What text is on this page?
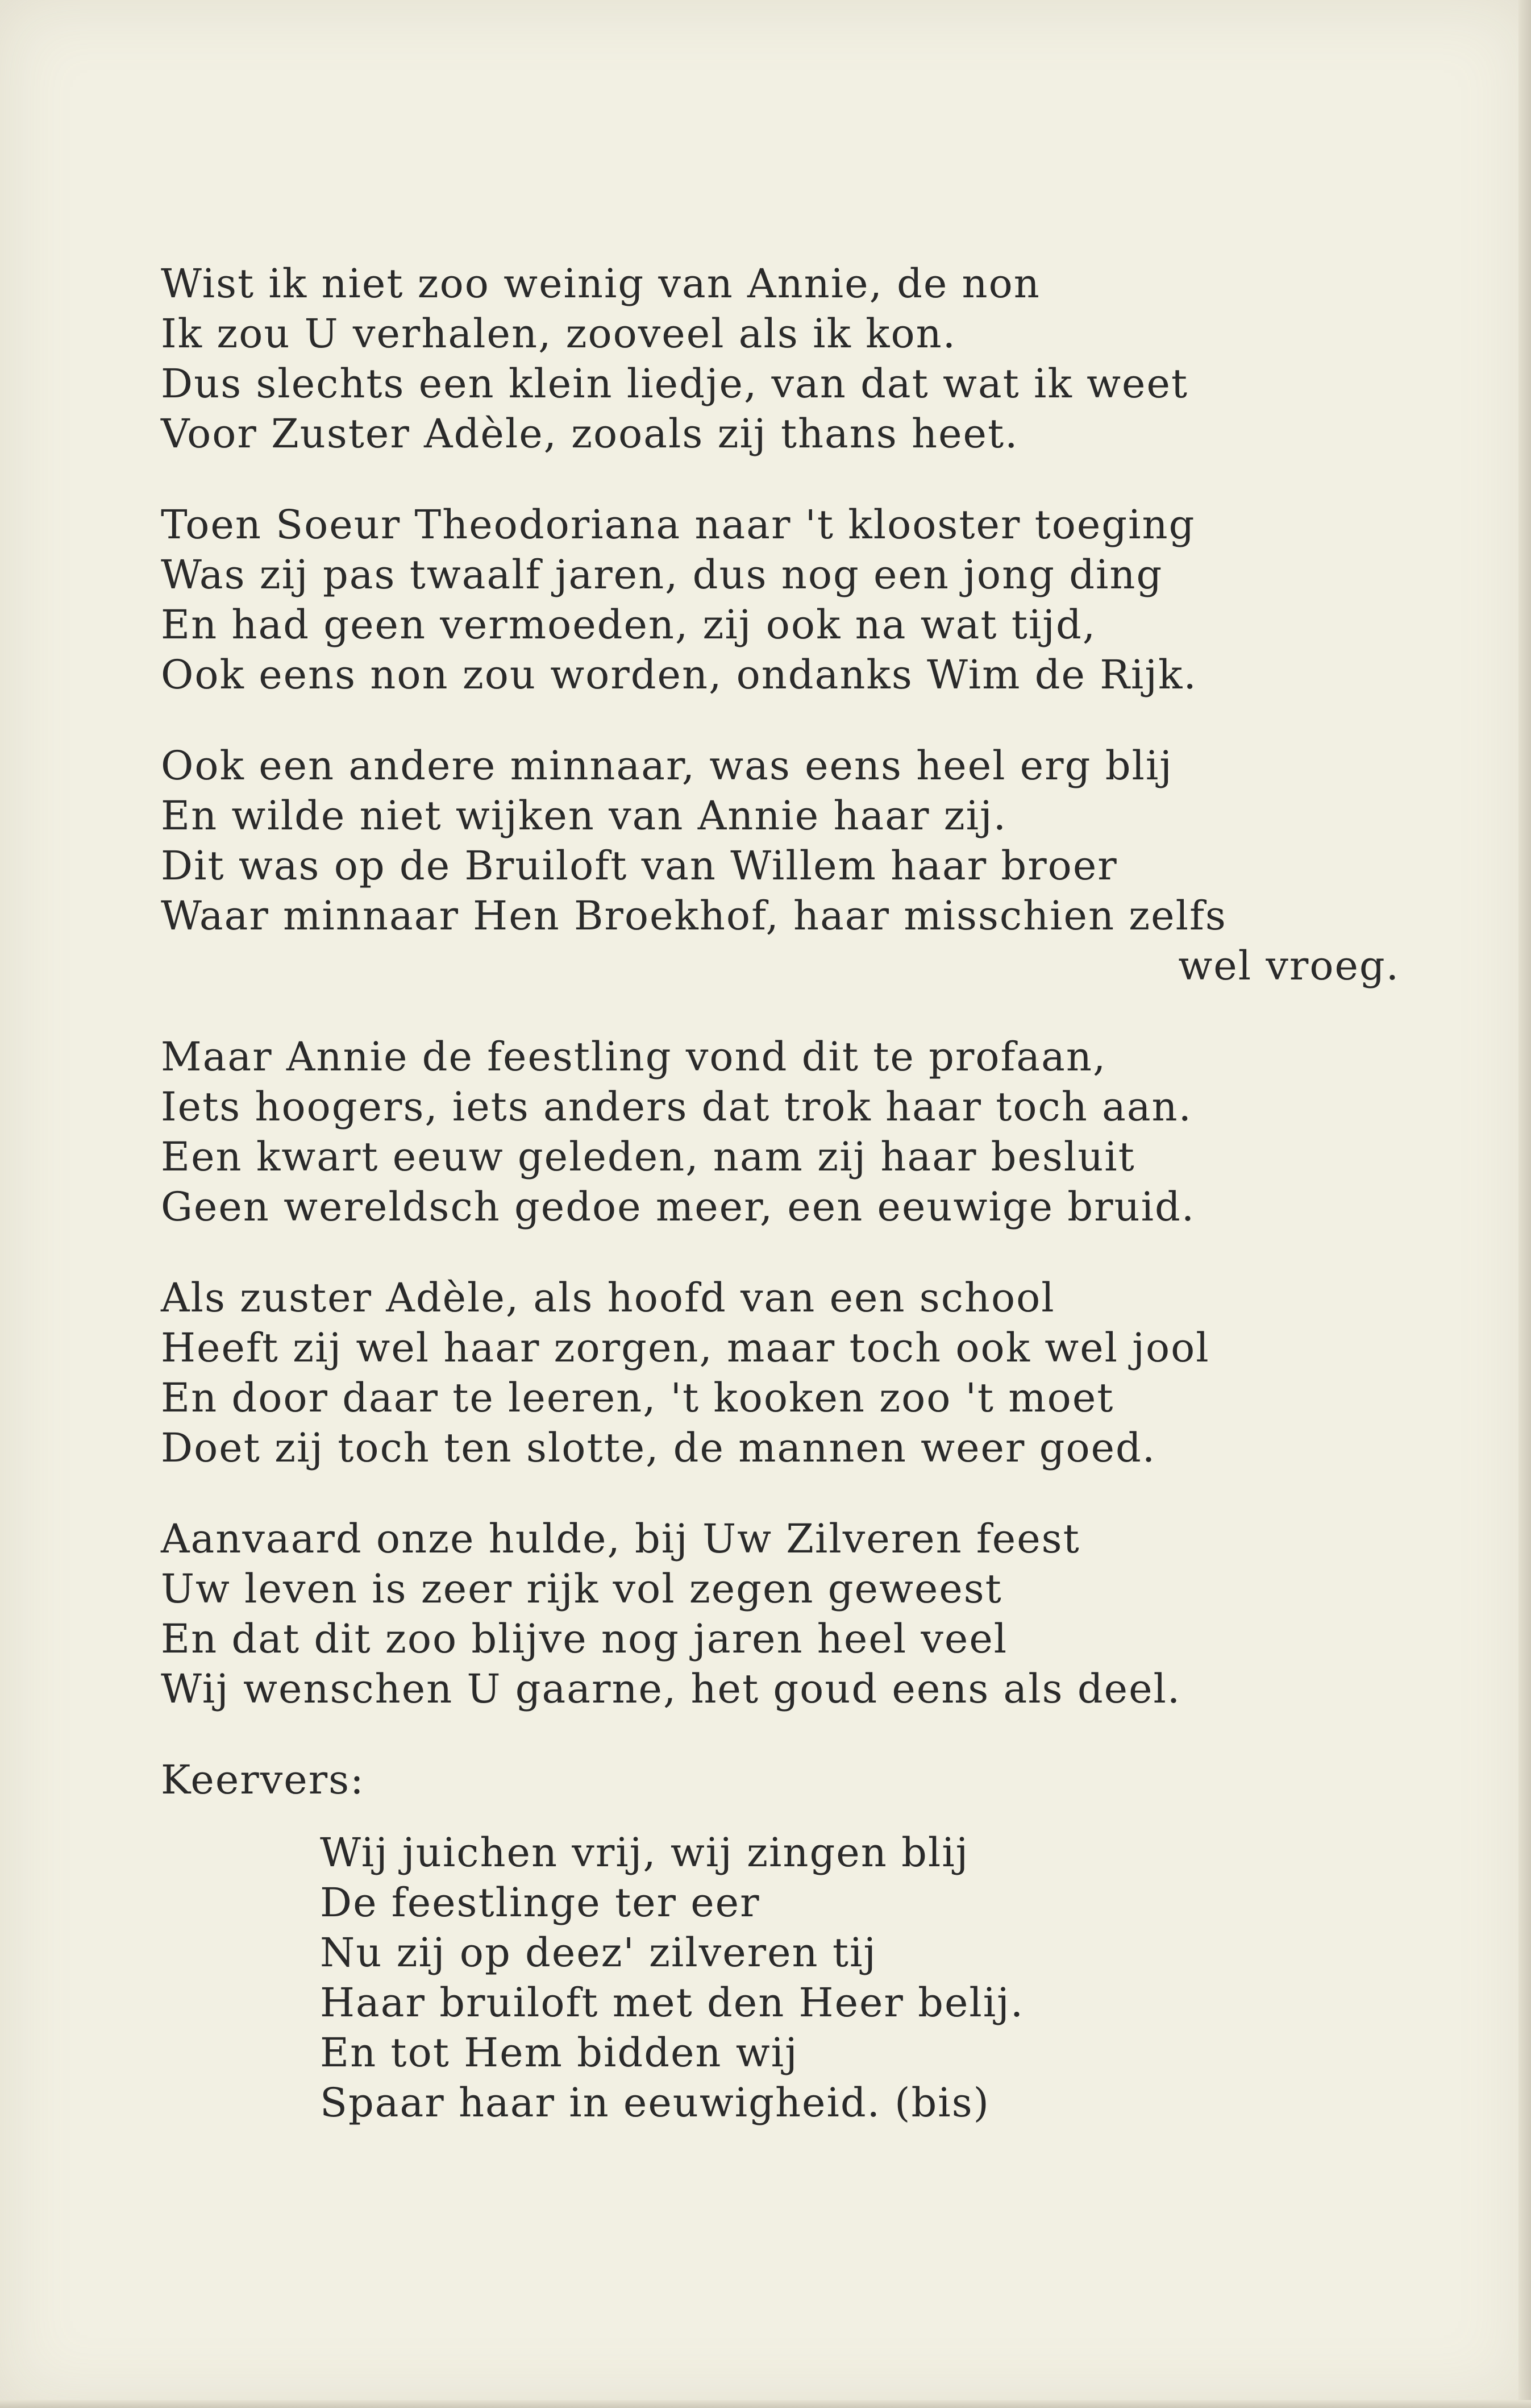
Wist ik niet zoo weinig van Annie, de non
Ik zou U verhalen, zooveel als ik kon.
Dus slechts een klein liedje, van dat wat ik weet
Voor Zuster Adèle, zooals zij thans heet.
Toen Soeur Theodoriana naar 't klooster toeging
Was zij pas twaalf jaren, dus nog een jong ding
En had geen vermoeden, zij ook na wat tijd,
Ook eens non zou worden, ondanks Wim de Rijk.
Ook een andere minnaar, was eens heel erg blij
En wilde niet wijken van Annie haar zij.
Dit was op de Bruiloft van Willem haar broer
Waar minnaar Hen Broekhof, haar misschien zelfs
wel vroeg.
Maar Annie de feestling vond dit te profaan,
Iets hoogers, iets anders dat trok haar toch aan.
Een kwart eeuw geleden, nam zij haar besluit
Geen wereldsch gedoe meer, een eeuwige bruid.
Als zuster Adèle, als hoofd van een school
Heeft zij wel haar zorgen, maar toch ook wel jool
En door daar te leeren, 't kooken zoo 't moet
Doet zij toch ten slotte, de mannen weer goed.
Aanvaard onze hulde, bij Uw Zilveren feest
Uw leven is zeer rijk vol zegen geweest
En dat dit zoo blijve nog jaren heel veel
Wij wenschen U gaarne, het goud eens als deel.
Keervers:
Wij juichen vrij, wij zingen blij
De feestlinge ter eer
Nu zij op deez' zilveren tij
Haar bruiloft met den Heer belij.
En tot Hem bidden wij
Spaar haar in eeuwigheid. (bis)
